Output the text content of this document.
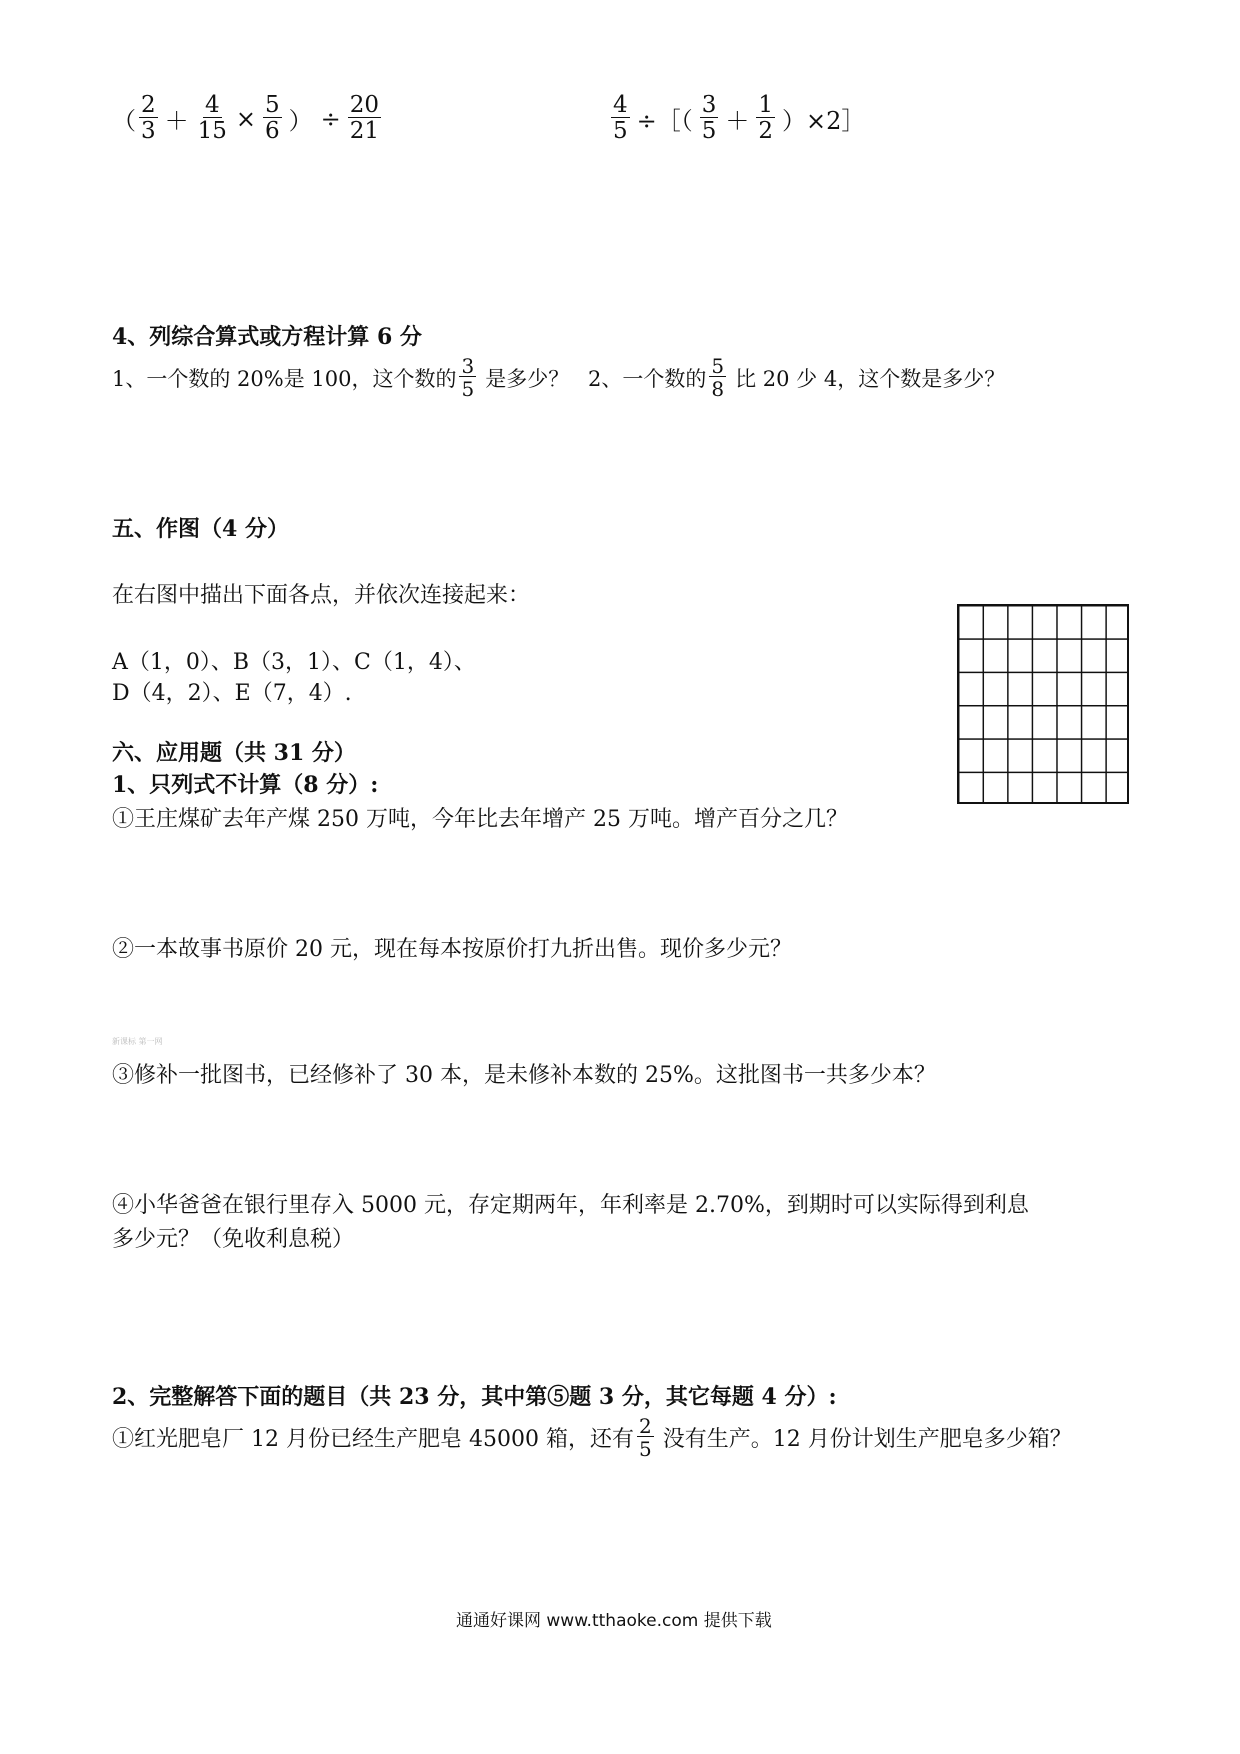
（ $\frac{2}{3} + \frac{4}{15} \times \frac{5}{6}$ ） ÷ $\frac{20}{21}$	$\frac{4}{5}$ ÷［（ $\frac{3}{5} + \frac{1}{2}$ ）×2］
4、列综合算式或方程计算 6 分
1、一个数的 20%是 100，这个数的 $\frac{3}{5}$ 是多少？ 2、一个数的 $\frac{5}{8}$ 比 20 少 4，这个数是多少？
五、作图（4 分）
在右图中描出下面各点，并依次连接起来：
A（1，0）、B（3，1）、C（1，4）、
D（4，2）、E（7，4）.
六、应用题（共 31 分）
1、只列式不计算（8 分）:
①王庄煤矿去年产煤 250 万吨，今年比去年增产 25 万吨。增产百分之几？
②一本故事书原价 20 元，现在每本按原价打九折出售。现价多少元？
新课标 第一网
③修补一批图书，已经修补了 30 本，是未修补本数的 25%。这批图书一共多少本？
④小华爸爸在银行里存入 5000 元，存定期两年，年利率是 2.70%，到期时可以实际得到利息
多少元？（免收利息税）
2、完整解答下面的题目（共 23 分，其中第⑤题 3 分，其它每题 4 分）:
①红光肥皂厂 12 月份已经生产肥皂 45000 箱，还有 $\frac{2}{5}$ 没有生产。12 月份计划生产肥皂多少箱？
通通好课网 www.tthaoke.com 提供下载
